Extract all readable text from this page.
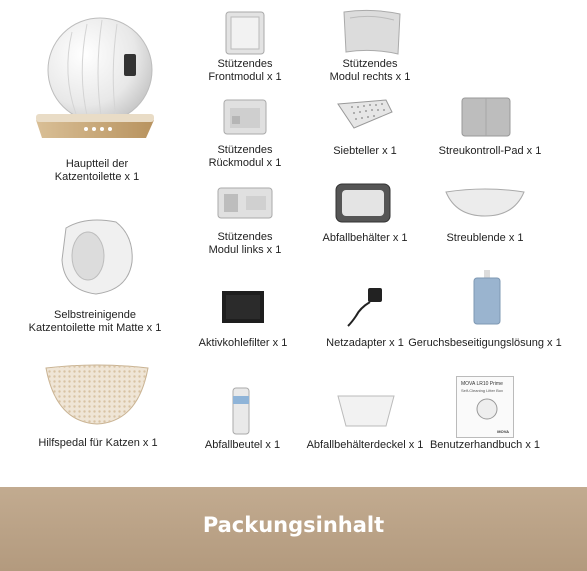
Hauptteil der
Katzentoilette x 1
Stützendes
Frontmodul x 1
Stützendes
Modul rechts x 1
Stützendes
Rückmodul x 1
Siebteller x 1	Streukontroll-Pad x 1
Stützendes
Modul links x 1
Abfallbehälter x 1	Streublende x 1
Selbstreinigende
Katzentoilette mit Matte x 1
Aktivkohlefilter x 1	Netzadapter x 1 Geruchsbeseitigungslösung x 1
Hilfspedal für Katzen x 1	Abfallbeutel x 1	Abfallbehälterdeckel x 1
MOVA LR10 Prime
Self-Cleaning Litter Box
MOVA
Benutzerhandbuch x 1
Packungsinhalt
